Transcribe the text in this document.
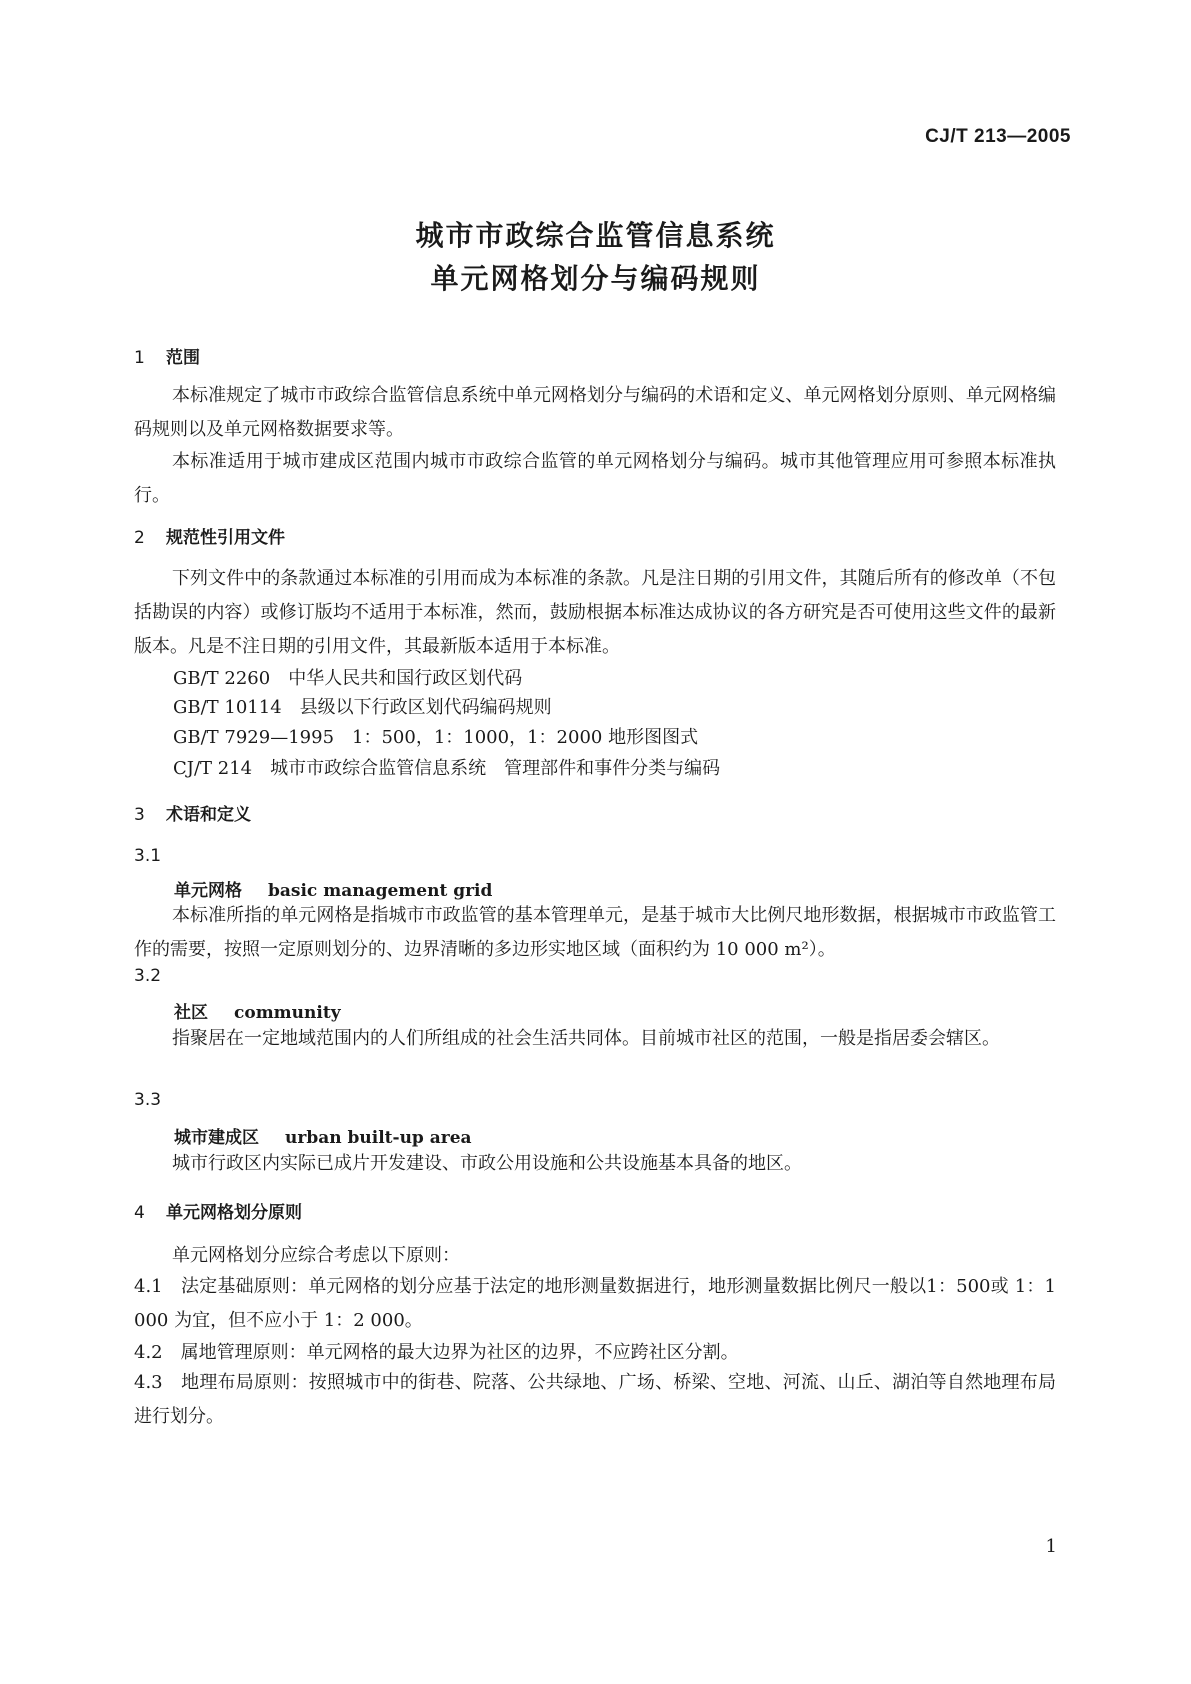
CJ/T 213—2005
城市市政综合监管信息系统
单元网格划分与编码规则
1 范围
本标准规定了城市市政综合监管信息系统中单元网格划分与编码的术语和定义、单元网格划分原则、单元网格编码规则以及单元网格数据要求等。
本标准适用于城市建成区范围内城市市政综合监管的单元网格划分与编码。城市其他管理应用可参照本标准执行。
2 规范性引用文件
下列文件中的条款通过本标准的引用而成为本标准的条款。凡是注日期的引用文件，其随后所有的修改单（不包括勘误的内容）或修订版均不适用于本标准，然而，鼓励根据本标准达成协议的各方研究是否可使用这些文件的最新版本。凡是不注日期的引用文件，其最新版本适用于本标准。
GB/T 2260　中华人民共和国行政区划代码
GB/T 10114　县级以下行政区划代码编码规则
GB/T 7929—1995　1：500，1：1000，1：2000 地形图图式
CJ/T 214　城市市政综合监管信息系统　管理部件和事件分类与编码
3 术语和定义
3.1
单元网格 basic management grid
本标准所指的单元网格是指城市市政监管的基本管理单元，是基于城市大比例尺地形数据，根据城市市政监管工作的需要，按照一定原则划分的、边界清晰的多边形实地区域（面积约为 10 000 m²）。
3.2
社区 community
指聚居在一定地域范围内的人们所组成的社会生活共同体。目前城市社区的范围，一般是指居委会辖区。
3.3
城市建成区 urban built-up area
城市行政区内实际已成片开发建设、市政公用设施和公共设施基本具备的地区。
4 单元网格划分原则
单元网格划分应综合考虑以下原则：
4.1　法定基础原则：单元网格的划分应基于法定的地形测量数据进行，地形测量数据比例尺一般以1：500或 1：1 000 为宜，但不应小于 1：2 000。
4.2　属地管理原则：单元网格的最大边界为社区的边界，不应跨社区分割。
4.3　地理布局原则：按照城市中的街巷、院落、公共绿地、广场、桥梁、空地、河流、山丘、湖泊等自然地理布局进行划分。
1
